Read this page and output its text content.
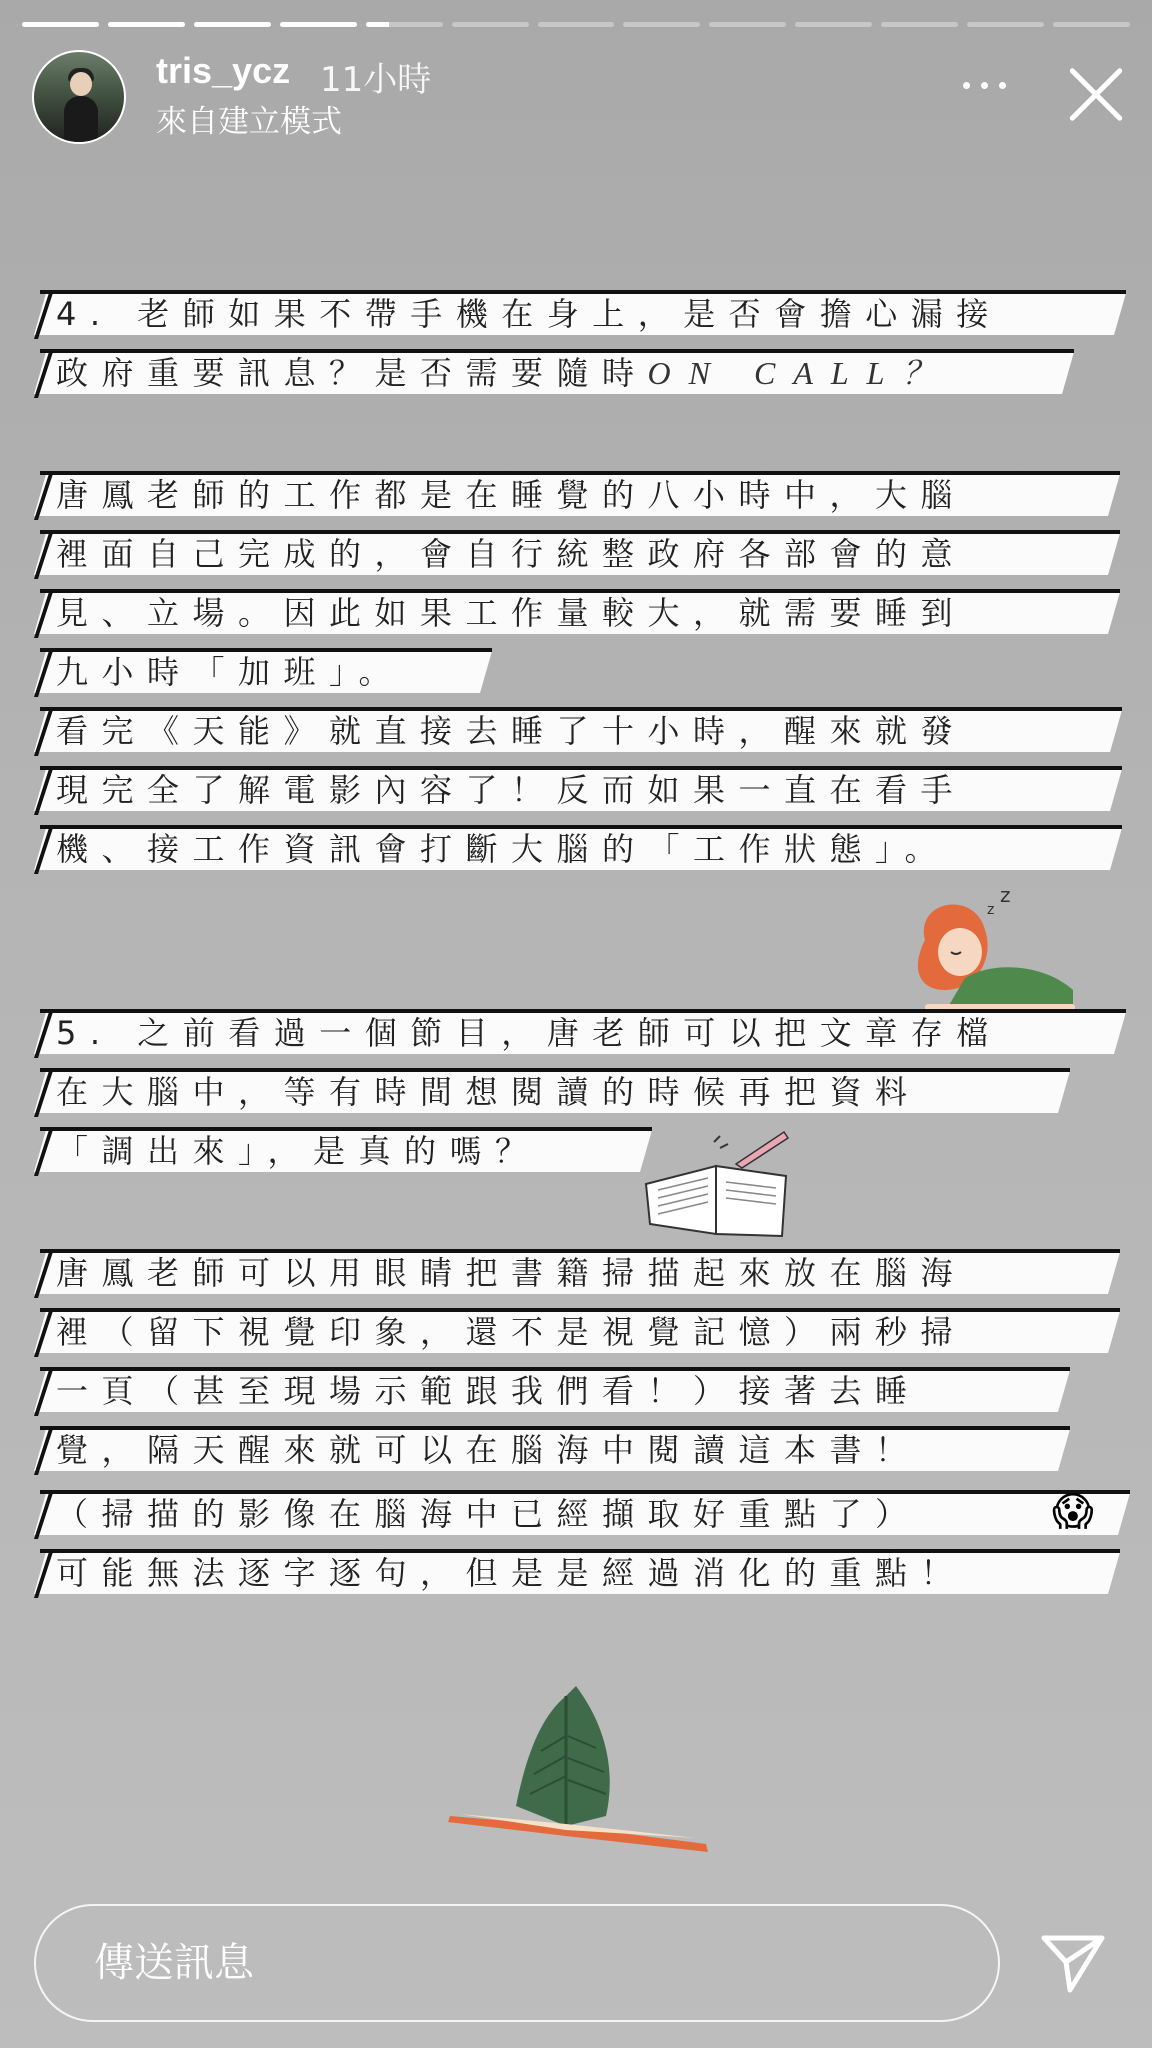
tris_ycz 11小時
來自建立模式
4. 老師如果不帶手機在身上，是否會擔心漏接
政府重要訊息？是否需要隨時ON CALL？
唐鳳老師的工作都是在睡覺的八小時中，大腦
裡面自己完成的，會自行統整政府各部會的意
見、立場。因此如果工作量較大，就需要睡到
九小時「加班」。
看完《天能》就直接去睡了十小時，醒來就發
現完全了解電影內容了！反而如果一直在看手
機、接工作資訊會打斷大腦的「工作狀態」。
z
z
5. 之前看過一個節目，唐老師可以把文章存檔
在大腦中，等有時間想閱讀的時候再把資料
「調出來」，是真的嗎？
唐鳳老師可以用眼睛把書籍掃描起來放在腦海
裡（留下視覺印象，還不是視覺記憶）兩秒掃
一頁（甚至現場示範跟我們看！）接著去睡
覺，隔天醒來就可以在腦海中閱讀這本書！
（掃描的影像在腦海中已經擷取好重點了）	😱
可能無法逐字逐句，但是是經過消化的重點！
傳送訊息
